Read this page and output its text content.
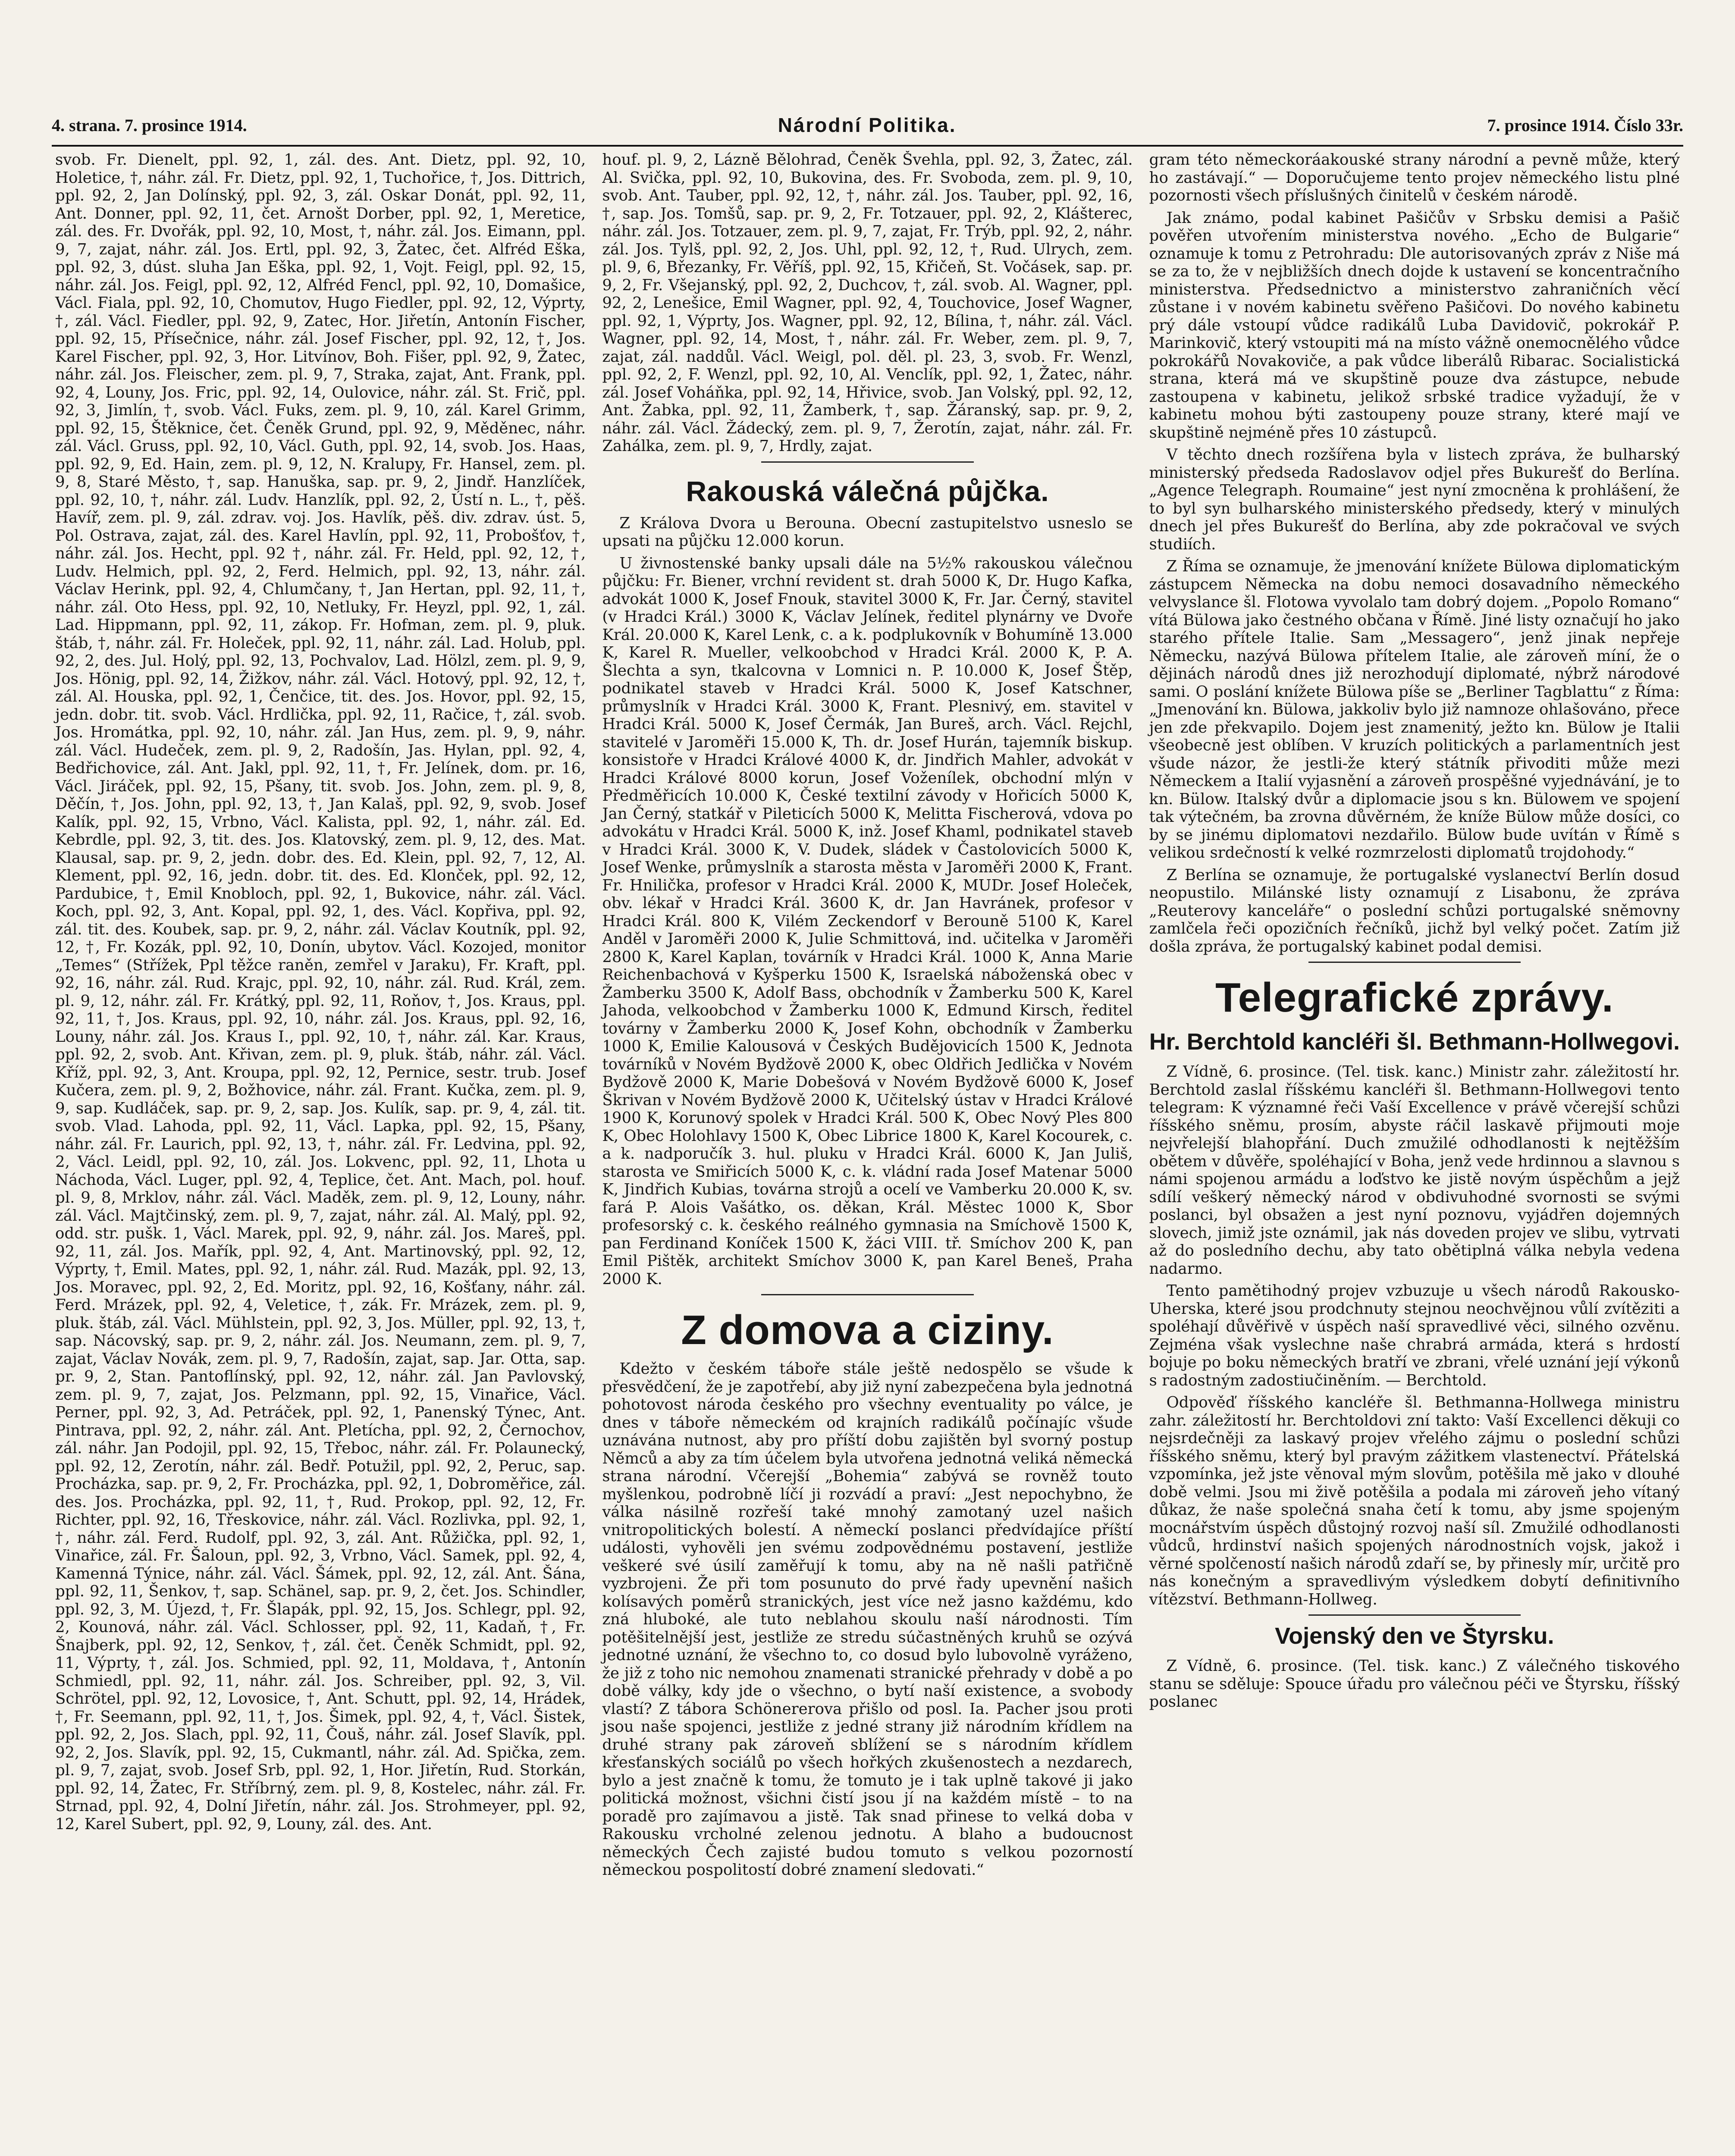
4. strana. 7. prosince 1914.	Národní Politika.	7. prosince 1914. Číslo 33r.

svob. Fr. Dienelt, ppl. 92, 1, zál. des. Ant. Dietz, ppl. 92, 10, Holetice, †, náhr. zál. Fr. Dietz, ppl. 92, 1, Tuchořice, †, Jos. Dittrich, ppl. 92, 2, Jan Dolínský, ppl. 92, 3, zál. Oskar Donát, ppl. 92, 11, Ant. Donner, ppl. 92, 11, čet. Arnošt Dorber, ppl. 92, 1, Meretice, zál. des. Fr. Dvořák, ppl. 92, 10, Most, †, náhr. zál. Jos. Eimann, ppl. 9, 7, zajat, náhr. zál. Jos. Ertl, ppl. 92, 3, Žatec, čet. Alfréd Eška, ppl. 92, 3, dúst. sluha Jan Eška, ppl. 92, 1, Vojt. Feigl, ppl. 92, 15, náhr. zál. Jos. Feigl, ppl. 92, 12, Alfréd Fencl, ppl. 92, 10, Domašice, Václ. Fiala, ppl. 92, 10, Chomutov, Hugo Fiedler, ppl. 92, 12, Výprty, †, zál. Václ. Fiedler, ppl. 92, 9, Zatec, Hor. Jiřetín, Antonín Fischer, ppl. 92, 15, Přísečnice, náhr. zál. Josef Fischer, ppl. 92, 12, †, Jos. Karel Fischer, ppl. 92, 3, Hor. Litvínov, Boh. Fišer, ppl. 92, 9, Žatec, náhr. zál. Jos. Fleischer, zem. pl. 9, 7, Straka, zajat, Ant. Frank, ppl. 92, 4, Louny, Jos. Fric, ppl. 92, 14, Oulovice, náhr. zál. St. Frič, ppl. 92, 3, Jimlín, †, svob. Václ. Fuks, zem. pl. 9, 10, zál. Karel Grimm, ppl. 92, 15, Štěknice, čet. Čeněk Grund, ppl. 92, 9, Měděnec, náhr. zál. Václ. Gruss, ppl. 92, 10, Václ. Guth, ppl. 92, 14, svob. Jos. Haas, ppl. 92, 9, Ed. Hain, zem. pl. 9, 12, N. Kralupy, Fr. Hansel, zem. pl. 9, 8, Staré Město, †, sap. Hanuška, sap. pr. 9, 2, Jindř. Hanzlíček, ppl. 92, 10, †, náhr. zál. Ludv. Hanzlík, ppl. 92, 2, Ústí n. L., †, pěš. Havíř, zem. pl. 9, zál. zdrav. voj. Jos. Havlík, pěš. div. zdrav. úst. 5, Pol. Ostrava, zajat, zál. des. Karel Havlín, ppl. 92, 11, Probošťov, †, náhr. zál. Jos. Hecht, ppl. 92 †, náhr. zál. Fr. Held, ppl. 92, 12, †, Ludv. Helmich, ppl. 92, 2, Ferd. Helmich, ppl. 92, 13, náhr. zál. Václav Herink, ppl. 92, 4, Chlumčany, †, Jan Hertan, ppl. 92, 11, †, náhr. zál. Oto Hess, ppl. 92, 10, Netluky, Fr. Heyzl, ppl. 92, 1, zál. Lad. Hippmann, ppl. 92, 11, zákop. Fr. Hofman, zem. pl. 9, pluk. štáb, †, náhr. zál. Fr. Holeček, ppl. 92, 11, náhr. zál. Lad. Holub, ppl. 92, 2, des. Jul. Holý, ppl. 92, 13, Pochvalov, Lad. Hölzl, zem. pl. 9, 9, Jos. Hönig, ppl. 92, 14, Žižkov, náhr. zál. Václ. Hotový, ppl. 92, 12, †, zál. Al. Houska, ppl. 92, 1, Čenčice, tit. des. Jos. Hovor, ppl. 92, 15, jedn. dobr. tit. svob. Václ. Hrdlička, ppl. 92, 11, Račice, †, zál. svob. Jos. Hromátka, ppl. 92, 10, náhr. zál. Jan Hus, zem. pl. 9, 9, náhr. zál. Václ. Hudeček, zem. pl. 9, 2, Radošín, Jas. Hylan, ppl. 92, 4, Bedřichovice, zál. Ant. Jakl, ppl. 92, 11, †, Fr. Jelínek, dom. pr. 16, Václ. Jiráček, ppl. 92, 15, Pšany, tit. svob. Jos. John, zem. pl. 9, 8, Děčín, †, Jos. John, ppl. 92, 13, †, Jan Kalaš, ppl. 92, 9, svob. Josef Kalík, ppl. 92, 15, Vrbno, Václ. Kalista, ppl. 92, 1, náhr. zál. Ed. Kebrdle, ppl. 92, 3, tit. des. Jos. Klatovský, zem. pl. 9, 12, des. Mat. Klausal, sap. pr. 9, 2, jedn. dobr. des. Ed. Klein, ppl. 92, 7, 12, Al. Klement, ppl. 92, 16, jedn. dobr. tit. des. Ed. Klonček, ppl. 92, 12, Pardubice, †, Emil Knobloch, ppl. 92, 1, Bukovice, náhr. zál. Václ. Koch, ppl. 92, 3, Ant. Kopal, ppl. 92, 1, des. Václ. Kopřiva, ppl. 92, zál. tit. des. Koubek, sap. pr. 9, 2, náhr. zál. Václav Koutník, ppl. 92, 12, †, Fr. Kozák, ppl. 92, 10, Donín, ubytov. Václ. Kozojed, monitor „Temes“ (Střížek, Ppl těžce raněn, zemřel v Jaraku), Fr. Kraft, ppl. 92, 16, náhr. zál. Rud. Krajc, ppl. 92, 10, náhr. zál. Rud. Král, zem. pl. 9, 12, náhr. zál. Fr. Krátký, ppl. 92, 11, Roňov, †, Jos. Kraus, ppl. 92, 11, †, Jos. Kraus, ppl. 92, 10, náhr. zál. Jos. Kraus, ppl. 92, 16, Louny, náhr. zál. Jos. Kraus I., ppl. 92, 10, †, náhr. zál. Kar. Kraus, ppl. 92, 2, svob. Ant. Křivan, zem. pl. 9, pluk. štáb, náhr. zál. Václ. Kříž, ppl. 92, 3, Ant. Kroupa, ppl. 92, 12, Pernice, sestr. trub. Josef Kučera, zem. pl. 9, 2, Božhovice, náhr. zál. Frant. Kučka, zem. pl. 9, 9, sap. Kudláček, sap. pr. 9, 2, sap. Jos. Kulík, sap. pr. 9, 4, zál. tit. svob. Vlad. Lahoda, ppl. 92, 11, Václ. Lapka, ppl. 92, 15, Pšany, náhr. zál. Fr. Laurich, ppl. 92, 13, †, náhr. zál. Fr. Ledvina, ppl. 92, 2, Václ. Leidl, ppl. 92, 10, zál. Jos. Lokvenc, ppl. 92, 11, Lhota u Náchoda, Václ. Luger, ppl. 92, 4, Teplice, čet. Ant. Mach, pol. houf. pl. 9, 8, Mrklov, náhr. zál. Václ. Maděk, zem. pl. 9, 12, Louny, náhr. zál. Václ. Majtčinský, zem. pl. 9, 7, zajat, náhr. zál. Al. Malý, ppl. 92, odd. str. pušk. 1, Václ. Marek, ppl. 92, 9, náhr. zál. Jos. Mareš, ppl. 92, 11, zál. Jos. Mařík, ppl. 92, 4, Ant. Martinovský, ppl. 92, 12, Výprty, †, Emil. Mates, ppl. 92, 1, náhr. zál. Rud. Mazák, ppl. 92, 13, Jos. Moravec, ppl. 92, 2, Ed. Moritz, ppl. 92, 16, Košťany, náhr. zál. Ferd. Mrázek, ppl. 92, 4, Veletice, †, zák. Fr. Mrázek, zem. pl. 9, pluk. štáb, zál. Václ. Mühlstein, ppl. 92, 3, Jos. Müller, ppl. 92, 13, †, sap. Nácovský, sap. pr. 9, 2, náhr. zál. Jos. Neumann, zem. pl. 9, 7, zajat, Václav Novák, zem. pl. 9, 7, Radošín, zajat, sap. Jar. Otta, sap. pr. 9, 2, Stan. Pantoflínský, ppl. 92, 12, náhr. zál. Jan Pavlovský, zem. pl. 9, 7, zajat, Jos. Pelzmann, ppl. 92, 15, Vinařice, Václ. Perner, ppl. 92, 3, Ad. Petráček, ppl. 92, 1, Panenský Týnec, Ant. Pintrava, ppl. 92, 2, náhr. zál. Ant. Pletícha, ppl. 92, 2, Černochov, zál. náhr. Jan Podojil, ppl. 92, 15, Třeboc, náhr. zál. Fr. Polaunecký, ppl. 92, 12, Zerotín, náhr. zál. Bedř. Potužil, ppl. 92, 2, Peruc, sap. Procházka, sap. pr. 9, 2, Fr. Procházka, ppl. 92, 1, Dobroměřice, zál. des. Jos. Procházka, ppl. 92, 11, †, Rud. Prokop, ppl. 92, 12, Fr. Richter, ppl. 92, 16, Třeskovice, náhr. zál. Václ. Rozlivka, ppl. 92, 1, †, náhr. zál. Ferd. Rudolf, ppl. 92, 3, zál. Ant. Růžička, ppl. 92, 1, Vinařice, zál. Fr. Šaloun, ppl. 92, 3, Vrbno, Václ. Samek, ppl. 92, 4, Kamenná Týnice, náhr. zál. Václ. Šámek, ppl. 92, 12, zál. Ant. Šána, ppl. 92, 11, Šenkov, †, sap. Schänel, sap. pr. 9, 2, čet. Jos. Schindler, ppl. 92, 3, M. Újezd, †, Fr. Šlapák, ppl. 92, 15, Jos. Schlegr, ppl. 92, 2, Kounová, náhr. zál. Václ. Schlosser, ppl. 92, 11, Kadaň, †, Fr. Šnajberk, ppl. 92, 12, Senkov, †, zál. čet. Čeněk Schmidt, ppl. 92, 11, Výprty, †, zál. Jos. Schmied, ppl. 92, 11, Moldava, †, Antonín Schmiedl, ppl. 92, 11, náhr. zál. Jos. Schreiber, ppl. 92, 3, Vil. Schrötel, ppl. 92, 12, Lovosice, †, Ant. Schutt, ppl. 92, 14, Hrádek, †, Fr. Seemann, ppl. 92, 11, †, Jos. Šimek, ppl. 92, 4, †, Václ. Šistek, ppl. 92, 2, Jos. Slach, ppl. 92, 11, Čouš, náhr. zál. Josef Slavík, ppl. 92, 2, Jos. Slavík, ppl. 92, 15, Cukmantl, náhr. zál. Ad. Spička, zem. pl. 9, 7, zajat, svob. Josef Srb, ppl. 92, 1, Hor. Jiřetín, Rud. Storkán, ppl. 92, 14, Žatec, Fr. Stříbrný, zem. pl. 9, 8, Kostelec, náhr. zál. Fr. Strnad, ppl. 92, 4, Dolní Jiřetín, náhr. zál. Jos. Strohmeyer, ppl. 92, 12, Karel Subert, ppl. 92, 9, Louny, zál. des. Ant.

houf. pl. 9, 2, Lázně Bělohrad, Čeněk Švehla, ppl. 92, 3, Žatec, zál. Al. Svička, ppl. 92, 10, Bukovina, des. Fr. Svoboda, zem. pl. 9, 10, svob. Ant. Tauber, ppl. 92, 12, †, náhr. zál. Jos. Tauber, ppl. 92, 16, †, sap. Jos. Tomšů, sap. pr. 9, 2, Fr. Totzauer, ppl. 92, 2, Klášterec, náhr. zál. Jos. Totzauer, zem. pl. 9, 7, zajat, Fr. Trýb, ppl. 92, 2, náhr. zál. Jos. Tylš, ppl. 92, 2, Jos. Uhl, ppl. 92, 12, †, Rud. Ulrych, zem. pl. 9, 6, Březanky, Fr. Věříš, ppl. 92, 15, Křičeň, St. Vočásek, sap. pr. 9, 2, Fr. Všejanský, ppl. 92, 2, Duchcov, †, zál. svob. Al. Wagner, ppl. 92, 2, Lenešice, Emil Wagner, ppl. 92, 4, Touchovice, Josef Wagner, ppl. 92, 1, Výprty, Jos. Wagner, ppl. 92, 12, Bílina, †, náhr. zál. Václ. Wagner, ppl. 92, 14, Most, †, náhr. zál. Fr. Weber, zem. pl. 9, 7, zajat, zál. naddůl. Václ. Weigl, pol. děl. pl. 23, 3, svob. Fr. Wenzl, ppl. 92, 2, F. Wenzl, ppl. 92, 10, Al. Venclík, ppl. 92, 1, Žatec, náhr. zál. Josef Voháňka, ppl. 92, 14, Hřivice, svob. Jan Volský, ppl. 92, 12, Ant. Žabka, ppl. 92, 11, Žamberk, †, sap. Žáranský, sap. pr. 9, 2, náhr. zál. Václ. Žádecký, zem. pl. 9, 7, Žerotín, zajat, náhr. zál. Fr. Zahálka, zem. pl. 9, 7, Hrdly, zajat.

Rakouská válečná půjčka.

Z Králova Dvora u Berouna. Obecní zastupitelstvo usneslo se upsati na půjčku 12.000 korun.

U živnostenské banky upsali dále na 5½% rakouskou válečnou půjčku: Fr. Biener, vrchní revident st. drah 5000 K, Dr. Hugo Kafka, advokát 1000 K, Josef Fnouk, stavitel 3000 K, Fr. Jar. Černý, stavitel (v Hradci Král.) 3000 K, Václav Jelínek, ředitel plynárny ve Dvoře Král. 20.000 K, Karel Lenk, c. a k. podplukovník v Bohumíně 13.000 K, Karel R. Mueller, velkoobchod v Hradci Král. 2000 K, P. A. Šlechta a syn, tkalcovna v Lomnici n. P. 10.000 K, Josef Štěp, podnikatel staveb v Hradci Král. 5000 K, Josef Katschner, průmyslník v Hradci Král. 3000 K, Frant. Plesnivý, em. stavitel v Hradci Král. 5000 K, Josef Čermák, Jan Bureš, arch. Václ. Rejchl, stavitelé v Jaroměři 15.000 K, Th. dr. Josef Hurán, tajemník biskup. konsistoře v Hradci Králové 4000 K, dr. Jindřich Mahler, advokát v Hradci Králové 8000 korun, Josef Voženílek, obchodní mlýn v Předměřicích 10.000 K, České textilní závody v Hořicích 5000 K, Jan Černý, statkář v Pileticích 5000 K, Melitta Fischerová, vdova po advokátu v Hradci Král. 5000 K, inž. Josef Khaml, podnikatel staveb v Hradci Král. 3000 K, V. Dudek, sládek v Častolovicích 5000 K, Josef Wenke, průmyslník a starosta města v Jaroměři 2000 K, Frant. Fr. Hnilička, profesor v Hradci Král. 2000 K, MUDr. Josef Holeček, obv. lékař v Hradci Král. 3600 K, dr. Jan Havránek, profesor v Hradci Král. 800 K, Vilém Zeckendorf v Berouně 5100 K, Karel Anděl v Jaroměři 2000 K, Julie Schmittová, ind. učitelka v Jaroměři 2800 K, Karel Kaplan, továrník v Hradci Král. 1000 K, Anna Marie Reichenbachová v Kyšperku 1500 K, Israelská náboženská obec v Žamberku 3500 K, Adolf Bass, obchodník v Žamberku 500 K, Karel Jahoda, velkoobchod v Žamberku 1000 K, Edmund Kirsch, ředitel továrny v Žamberku 2000 K, Josef Kohn, obchodník v Žamberku 1000 K, Emilie Kalousová v Českých Budějovicích 1500 K, Jednota továrníků v Novém Bydžově 2000 K, obec Oldřich Jedlička v Novém Bydžově 2000 K, Marie Dobešová v Novém Bydžově 6000 K, Josef Škrivan v Novém Bydžově 2000 K, Učitelský ústav v Hradci Králové 1900 K, Korunový spolek v Hradci Král. 500 K, Obec Nový Ples 800 K, Obec Holohlavy 1500 K, Obec Librice 1800 K, Karel Kocourek, c. a k. nadporučík 3. hul. pluku v Hradci Král. 6000 K, Jan Juliš, starosta ve Smiřicích 5000 K, c. k. vládní rada Josef Matenar 5000 K, Jindřich Kubias, továrna strojů a ocelí ve Vamberku 20.000 K, sv. fará P. Alois Vašátko, os. děkan, Král. Městec 1000 K, Sbor profesorský c. k. českého reálného gymnasia na Smíchově 1500 K, pan Ferdinand Koníček 1500 K, žáci VIII. tř. Smíchov 200 K, pan Emil Pištěk, architekt Smíchov 3000 K, pan Karel Beneš, Praha 2000 K.

Z domova a ciziny.

Kdežto v českém táboře stále ještě nedospělo se všude k přesvědčení, že je zapotřebí, aby již nyní zabezpečena byla jednotná pohotovost národa českého pro všechny eventuality po válce, je dnes v táboře německém od krajních radikálů počínajíc všude uznávána nutnost, aby pro příští dobu zajištěn byl svorný postup Němců a aby za tím účelem byla utvořena jednotná veliká německá strana národní. Včerejší „Bohemia“ zabývá se rovněž touto myšlenkou, podrobně líčí ji rozvádí a praví: „Jest nepochybno, že válka násilně rozřeší také mnohý zamotaný uzel našich vnitropolitických bolestí. A německí poslanci předvídajíce příští události, vyhověli jen svému zodpovědnému postavení, jestliže veškeré své úsilí zaměřují k tomu, aby na ně našli patřičně vyzbrojeni. Že při tom posunuto do prvé řady upevnění našich kolísavých poměrů stranických, jest více než jasno každému, kdo zná hluboké, ale tuto neblahou skoulu naší národnosti. Tím potěšitelnější jest, jestliže ze stredu súčastněných kruhů se ozývá jednotné uznání, že všechno to, co dosud bylo lubovolně vyráženo, že již z toho nic nemohou znamenati stranické přehrady v době a po době války, kdy jde o všechno, o bytí naší existence, a svobody vlastí? Z tábora Schönererova přišlo od posl. Ia. Pacher jsou proti jsou naše spojenci, jestliže z jedné strany již národním křídlem na druhé strany pak zároveň sblížení se s národním křídlem křesťanských sociálů po všech hořkých zkušenostech a nezdarech, bylo a jest značně k tomu, že tomuto je i tak uplně takové ji jako politická možnost, všichni čistí jsou jí na každém místě – to na poradě pro zajímavou a jistě. Tak snad přinese to velká doba v Rakousku vrcholné zelenou jednotu. A blaho a budoucnost německých Čech zajisté budou tomuto s velkou pozorností německou pospolitostí dobré znamení sledovati.“

gram této německoráakouské strany národní a pevně může, který ho zastávají.“ — Doporučujeme tento projev německého listu plné pozornosti všech příslušných činitelů v českém národě.

Jak známo, podal kabinet Pašičův v Srbsku demisi a Pašič pověřen utvořením ministerstva nového. „Echo de Bulgarie“ oznamuje k tomu z Petrohradu: Dle autorisovaných zpráv z Niše má se za to, že v nejbližších dnech dojde k ustavení se koncentračního ministerstva. Předsednictvo a ministerstvo zahraničních věcí zůstane i v novém kabinetu svěřeno Pašičovi. Do nového kabinetu prý dále vstoupí vůdce radikálů Luba Davidovič, pokrokář P. Marinkovič, který vstoupiti má na místo vážně onemocnělého vůdce pokrokářů Novakoviče, a pak vůdce liberálů Ribarac. Socialistická strana, která má ve skupštině pouze dva zástupce, nebude zastoupena v kabinetu, jelikož srbské tradice vyžadují, že v kabinetu mohou býti zastoupeny pouze strany, které mají ve skupštině nejméně přes 10 zástupců.

V těchto dnech rozšířena byla v listech zpráva, že bulharský ministerský předseda Radoslavov odjel přes Bukurešť do Berlína. „Agence Telegraph. Roumaine“ jest nyní zmocněna k prohlášení, že to byl syn bulharského ministerského předsedy, který v minulých dnech jel přes Bukurešť do Berlína, aby zde pokračoval ve svých studiích.

Z Říma se oznamuje, že jmenování knížete Bülowa diplomatickým zástupcem Německa na dobu nemoci dosavadního německého velvyslance šl. Flotowa vyvolalo tam dobrý dojem. „Popolo Romano“ vítá Bülowa jako čestného občana v Římě. Jiné listy označují ho jako starého přítele Italie. Sam „Messagero“, jenž jinak nepřeje Německu, nazývá Bülowa přítelem Italie, ale zároveň míní, že o dějinách národů dnes již nerozhodují diplomaté, nýbrž národové sami. O poslání knížete Bülowa píše se „Berliner Tagblattu“ z Říma: „Jmenování kn. Bülowa, jakkoliv bylo již namnoze ohlašováno, přece jen zde překvapilo. Dojem jest znamenitý, ježto kn. Bülow je Italii všeobecně jest oblíben. V kruzích politických a parlamentních jest všude názor, že jestli-že který státník přivoditi může mezi Německem a Italií vyjasnění a zároveň prospěšné vyjednávání, je to kn. Bülow. Italský dvůr a diplomacie jsou s kn. Bülowem ve spojení tak výtečném, ba zrovna důvěrném, že kníže Bülow může dosíci, co by se jinému diplomatovi nezdařilo. Bülow bude uvítán v Římě s velikou srdečností k velké rozmrzelosti diplomatů trojdohody.“

Z Berlína se oznamuje, že portugalské vyslanectví Berlín dosud neopustilo. Milánské listy oznamují z Lisabonu, že zpráva „Reuterovy kanceláře“ o poslední schůzi portugalské sněmovny zamlčela řeči opozičních řečníků, jichž byl velký počet. Zatím již došla zpráva, že portugalský kabinet podal demisi.

Telegrafické zprávy.
Hr. Berchtold kancléři šl. Bethmann-Hollwegovi.

Z Vídně, 6. prosince. (Tel. tisk. kanc.) Ministr zahr. záležitostí hr. Berchtold zaslal říšskému kancléři šl. Bethmann-Hollwegovi tento telegram: K významné řeči Vaší Excellence v právě včerejší schůzi říšského sněmu, prosím, abyste ráčil laskavě přijmouti moje nejvřelejší blahopřání. Duch zmužilé odhodlanosti k nejtěžším obětem v důvěře, spoléhající v Boha, jenž vede hrdinnou a slavnou s námi spojenou armádu a loďstvo ke jistě novým úspěchům a jejž sdílí veškerý německý národ v obdivuhodné svornosti se svými poslanci, byl obsažen a jest nyní poznovu, vyjádřen dojemných slovech, jimiž jste oznámil, jak nás doveden projev ve slibu, vytrvati až do posledního dechu, aby tato obětiplná válka nebyla vedena nadarmo.

Tento pamětihodný projev vzbuzuje u všech národů Rakousko-Uherska, které jsou prodchnuty stejnou neochvějnou vůlí zvítěziti a spoléhají důvěřivě v úspěch naší spravedlivé věci, silného ozvěnu. Zejména však vyslechne naše chrabrá armáda, která s hrdostí bojuje po boku německých bratří ve zbrani, vřelé uznání její výkonů s radostným zadostiučiněním. — Berchtold.

Odpověď říšského kancléře šl. Bethmanna-Hollwega ministru zahr. záležitostí hr. Berchtoldovi zní takto: Vaší Excellenci děkuji co nejsrdečněji za laskavý projev vřelého zájmu o poslední schůzi říšského sněmu, který byl pravým zážitkem vlastenectví. Přátelská vzpomínka, jež jste věnoval mým slovům, potěšila mě jako v dlouhé době velmi. Jsou mi živě potěšila a podala mi zároveň jeho vítaný důkaz, že naše společná snaha četí k tomu, aby jsme spojeným mocnářstvím úspěch důstojný rozvoj naší síl. Zmužilé odhodlanosti vůdců, hrdinství našich spojených národnostních vojsk, jakož i věrné spolčeností našich národů zdaří se, by přinesly mír, určitě pro nás konečným a spravedlivým výsledkem dobytí definitivního vítězství. Bethmann-Hollweg.

Vojenský den ve Štyrsku.

Z Vídně, 6. prosince. (Tel. tisk. kanc.) Z válečného tiskového stanu se sděluje: Spouce úřadu pro válečnou péči ve Štyrsku, říšský poslanec
